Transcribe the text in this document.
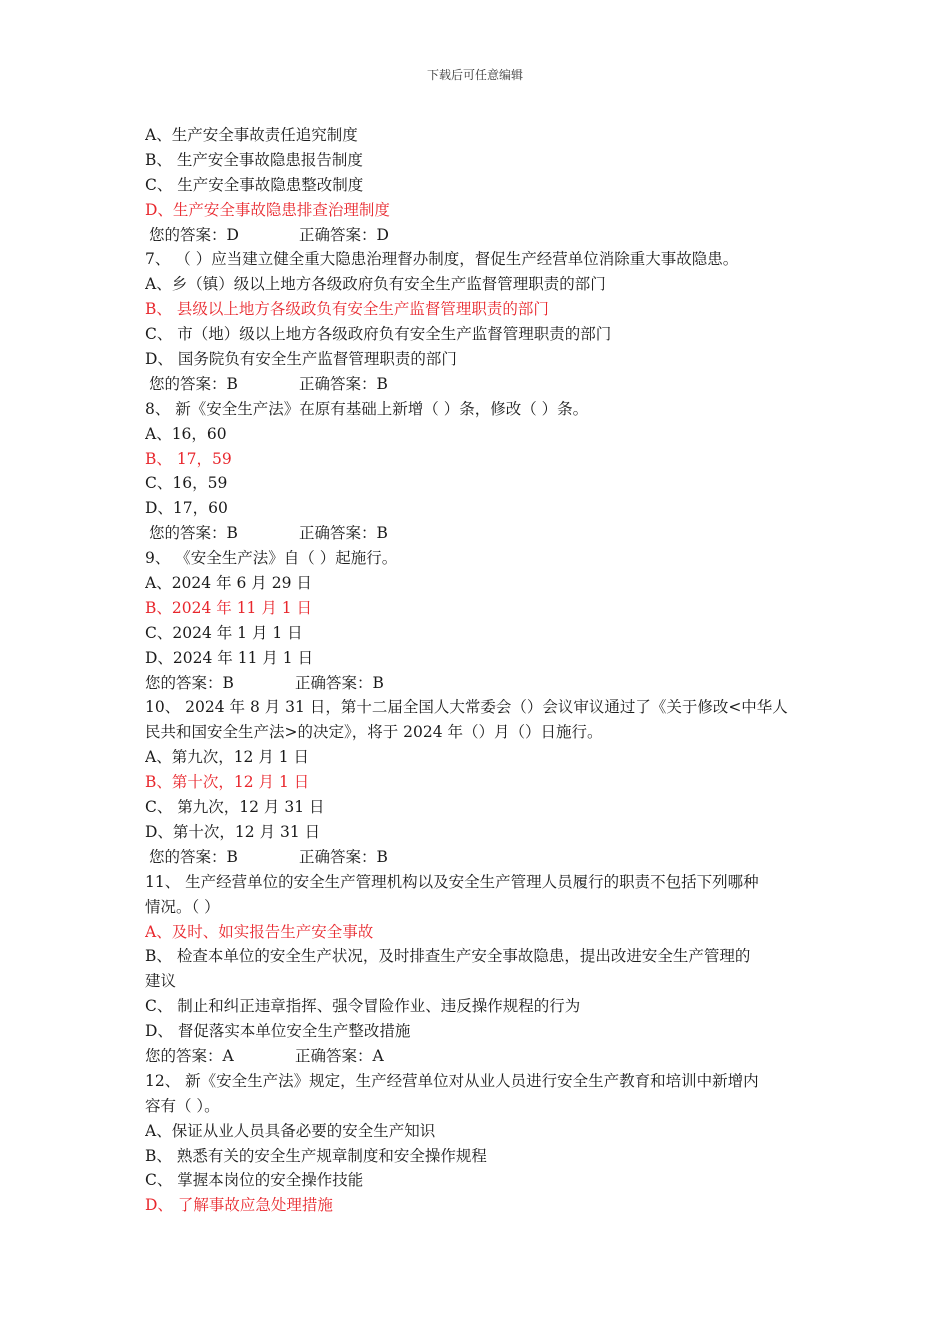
下载后可任意编辑
A、生产安全事故责任追究制度
B、 生产安全事故隐患报告制度
C、 生产安全事故隐患整改制度
D、生产安全事故隐患排查治理制度
您的答案：D	正确答案：D
7、 （ ）应当建立健全重大隐患治理督办制度，督促生产经营单位消除重大事故隐患。
A、乡（镇）级以上地方各级政府负有安全生产监督管理职责的部门
B、 县级以上地方各级政负有安全生产监督管理职责的部门
C、 市（地）级以上地方各级政府负有安全生产监督管理职责的部门
D、 国务院负有安全生产监督管理职责的部门
您的答案：B	正确答案：B
8、 新《安全生产法》在原有基础上新增（ ）条，修改（ ）条。
A、16，60
B、 17，59
C、16，59
D、17，60
您的答案：B	正确答案：B
9、 《安全生产法》自（ ）起施行。
A、2024 年 6 月 29 日
B、2024 年 11 月 1 日
C、2024 年 1 月 1 日
D、2024 年 11 月 1 日
您的答案：B	正确答案：B
10、 2024 年 8 月 31 日，第十二届全国人大常委会（）会议审议通过了《关于修改<中华人
民共和国安全生产法>的决定》，将于 2024 年（）月（）日施行。
A、第九次，12 月 1 日
B、第十次，12 月 1 日
C、 第九次，12 月 31 日
D、第十次，12 月 31 日
您的答案：B	正确答案：B
11、 生产经营单位的安全生产管理机构以及安全生产管理人员履行的职责不包括下列哪种
情况。（ ）
A、及时、如实报告生产安全事故
B、 检查本单位的安全生产状况，及时排查生产安全事故隐患，提出改进安全生产管理的
建议
C、 制止和纠正违章指挥、强令冒险作业、违反操作规程的行为
D、 督促落实本单位安全生产整改措施
您的答案：A	正确答案：A
12、 新《安全生产法》规定，生产经营单位对从业人员进行安全生产教育和培训中新增内
容有（ ）。
A、保证从业人员具备必要的安全生产知识
B、 熟悉有关的安全生产规章制度和安全操作规程
C、 掌握本岗位的安全操作技能
D、 了解事故应急处理措施
